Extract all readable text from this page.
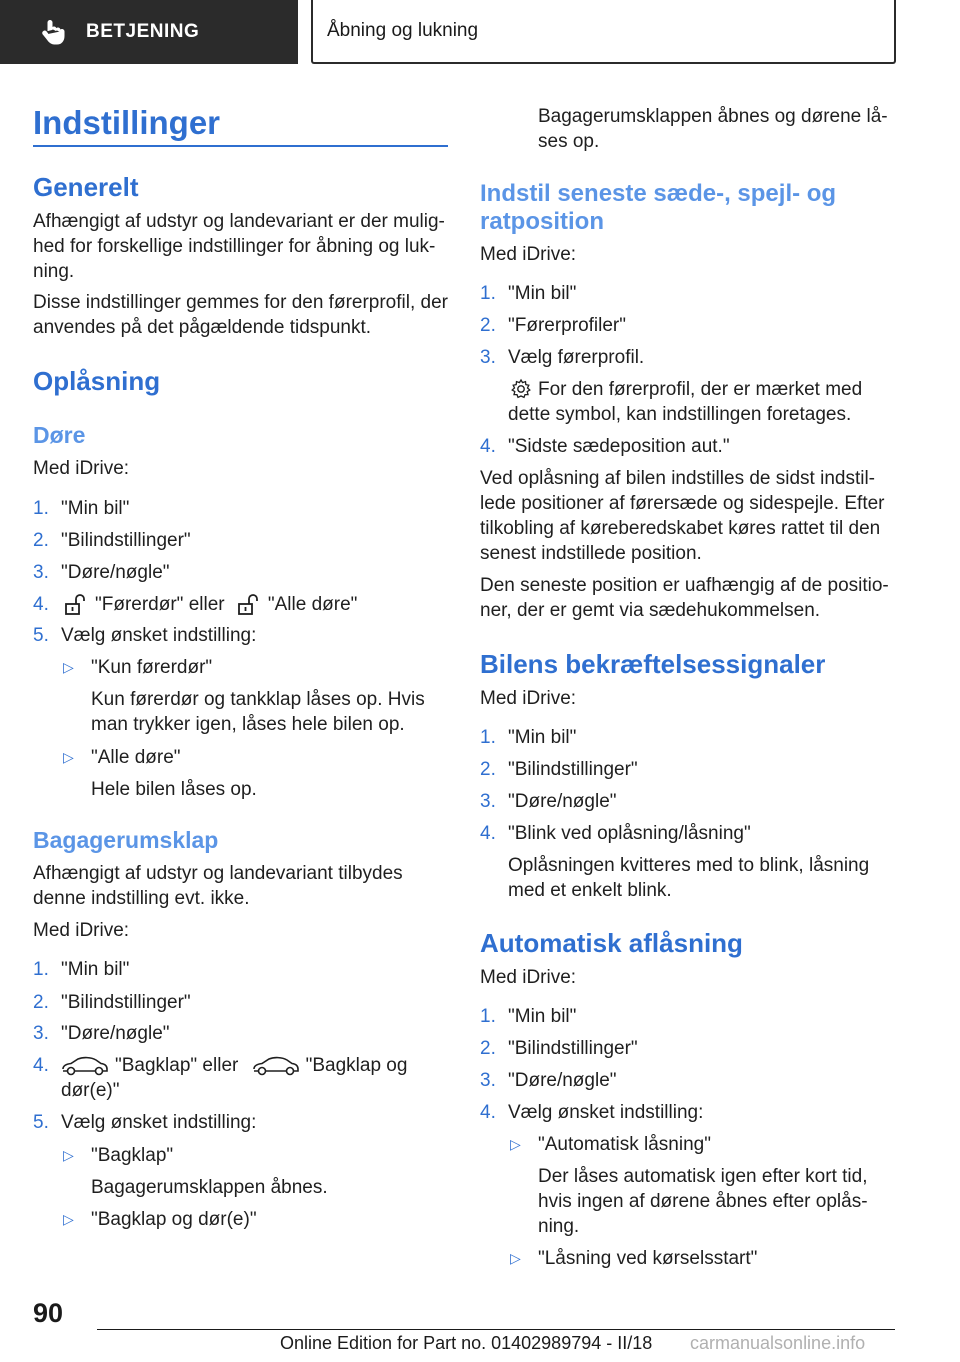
BETJENING	Åbning og lukning
Indstillinger
Generelt
Afhængigt af udstyr og landevariant er der mulig-hed for forskellige indstillinger for åbning og luk-ning.
Disse indstillinger gemmes for den førerprofil, der anvendes på det pågældende tidspunkt.
Oplåsning
Døre
Med iDrive:
1. "Min bil"
2. "Bilindstillinger"
3. "Døre/nøgle"
4. "Førerdør" eller "Alle døre"
5. Vælg ønsket indstilling:
▷ "Kun førerdør"
Kun førerdør og tankklap låses op. Hvis man trykker igen, låses hele bilen op.
▷ "Alle døre"
Hele bilen låses op.
Bagagerumsklap
Afhængigt af udstyr og landevariant tilbydes denne indstilling evt. ikke.
Med iDrive:
1. "Min bil"
2. "Bilindstillinger"
3. "Døre/nøgle"
4.	"Bagklap" eller	"Bagklap og dør(e)"
5. Vælg ønsket indstilling:
▷ "Bagklap"
Bagagerumsklappen åbnes.
▷ "Bagklap og dør(e)"
Bagagerumsklappen åbnes og dørene lå-ses op.
Indstil seneste sæde-, spejl- og ratposition
Med iDrive:
1. "Min bil"
2. "Førerprofiler"
3. Vælg førerprofil.
For den førerprofil, der er mærket med dette symbol, kan indstillingen foretages.
4. "Sidste sædeposition aut."
Ved oplåsning af bilen indstilles de sidst indstil-lede positioner af førersæde og sidespejle. Efter tilkobling af køreberedskabet køres rattet til den senest indstillede position.
Den seneste position er uafhængig af de positio-ner, der er gemt via sædehukommelsen.
Bilens bekræftelsessignaler
Med iDrive:
1. "Min bil"
2. "Bilindstillinger"
3. "Døre/nøgle"
4. "Blink ved oplåsning/låsning"
Oplåsningen kvitteres med to blink, låsning med et enkelt blink.
Automatisk aflåsning
Med iDrive:
1. "Min bil"
2. "Bilindstillinger"
3. "Døre/nøgle"
4. Vælg ønsket indstilling:
▷ "Automatisk låsning"
Der låses automatisk igen efter kort tid, hvis ingen af dørene åbnes efter oplås-ning.
▷ "Låsning ved kørselsstart"
90
Online Edition for Part no. 01402989794 - II/18 carmanualsonline.info
